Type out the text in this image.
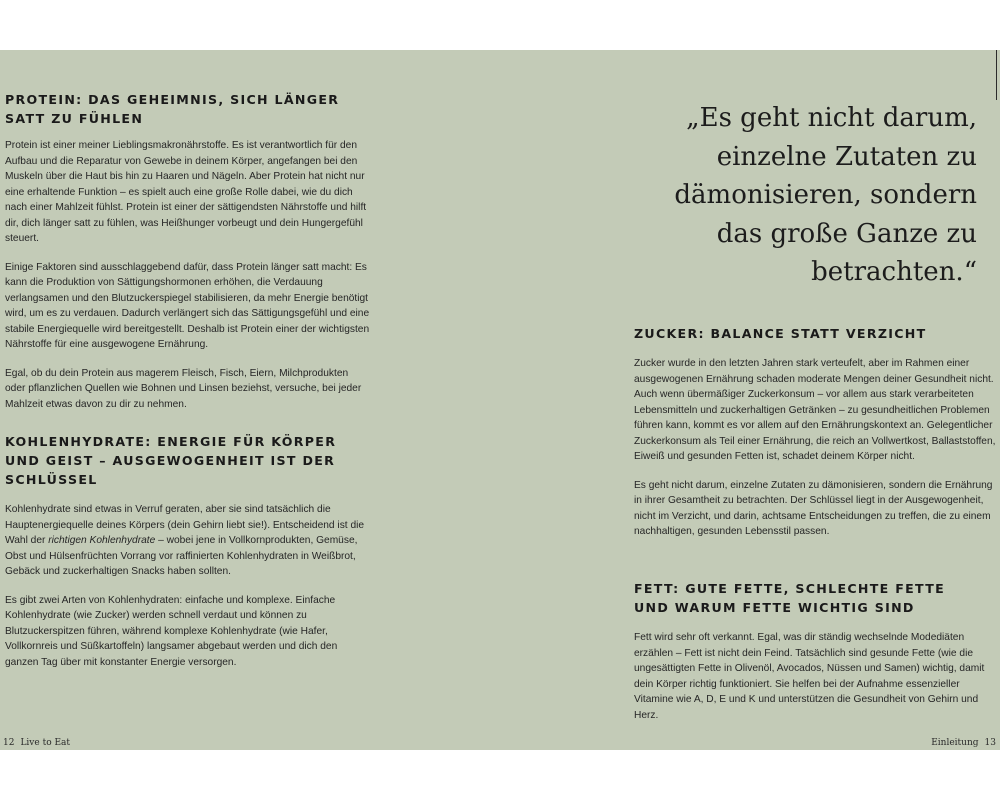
PROTEIN: DAS GEHEIMNIS, SICH LÄNGER SATT ZU FÜHLEN

Protein ist einer meiner Lieblingsmakronährstoffe. Es ist verantwortlich für den Aufbau und die Reparatur von Gewebe in deinem Körper, angefangen bei den Muskeln über die Haut bis hin zu Haaren und Nägeln. Aber Protein hat nicht nur eine erhaltende Funktion – es spielt auch eine große Rolle dabei, wie du dich nach einer Mahlzeit fühlst. Protein ist einer der sättigendsten Nährstoffe und hilft dir, dich länger satt zu fühlen, was Heißhunger vorbeugt und dein Hungergefühl steuert.

Einige Faktoren sind ausschlaggebend dafür, dass Protein länger satt macht: Es kann die Produktion von Sättigungshormonen erhöhen, die Verdauung verlangsamen und den Blutzuckerspiegel stabilisieren, da mehr Energie benötigt wird, um es zu verdauen. Dadurch verlängert sich das Sättigungsgefühl und eine stabile Energiequelle wird bereitgestellt. Deshalb ist Protein einer der wichtigsten Nährstoffe für eine ausgewogene Ernährung.

Egal, ob du dein Protein aus magerem Fleisch, Fisch, Eiern, Milchprodukten oder pflanzlichen Quellen wie Bohnen und Linsen beziehst, versuche, bei jeder Mahlzeit etwas davon zu dir zu nehmen.

KOHLENHYDRATE: ENERGIE FÜR KÖRPER UND GEIST – AUSGEWOGENHEIT IST DER SCHLÜSSEL

Kohlenhydrate sind etwas in Verruf geraten, aber sie sind tatsächlich die Hauptenergiequelle deines Körpers (dein Gehirn liebt sie!). Entscheidend ist die Wahl der richtigen Kohlenhydrate – wobei jene in Vollkornprodukten, Gemüse, Obst und Hülsenfrüchten Vorrang vor raffinierten Kohlenhydraten in Weißbrot, Gebäck und zuckerhaltigen Snacks haben sollten.

Es gibt zwei Arten von Kohlenhydraten: einfache und komplexe. Einfache Kohlenhydrate (wie Zucker) werden schnell verdaut und können zu Blutzuckerspitzen führen, während komplexe Kohlenhydrate (wie Hafer, Vollkornreis und Süßkartoffeln) langsamer abgebaut werden und dich den ganzen Tag über mit konstanter Energie versorgen.

12 Live to Eat
„Es geht nicht darum, einzelne Zutaten zu dämonisieren, sondern das große Ganze zu betrachten.“
ZUCKER: BALANCE STATT VERZICHT

Zucker wurde in den letzten Jahren stark verteufelt, aber im Rahmen einer ausgewogenen Ernährung schaden moderate Mengen deiner Gesundheit nicht. Auch wenn übermäßiger Zuckerkonsum – vor allem aus stark verarbeiteten Lebensmitteln und zuckerhaltigen Getränken – zu gesundheitlichen Problemen führen kann, kommt es vor allem auf den Ernährungskontext an. Gelegentlicher Zuckerkonsum als Teil einer Ernährung, die reich an Vollwertkost, Ballaststoffen, Eiweiß und gesunden Fetten ist, schadet deinem Körper nicht.

Es geht nicht darum, einzelne Zutaten zu dämonisieren, sondern die Ernährung in ihrer Gesamtheit zu betrachten. Der Schlüssel liegt in der Ausgewogenheit, nicht im Verzicht, und darin, achtsame Entscheidungen zu treffen, die zu einem nachhaltigen, gesunden Lebensstil passen.

FETT: GUTE FETTE, SCHLECHTE FETTE UND WARUM FETTE WICHTIG SIND

Fett wird sehr oft verkannt. Egal, was dir ständig wechselnde Modediäten erzählen – Fett ist nicht dein Feind. Tatsächlich sind gesunde Fette (wie die ungesättigten Fette in Olivenöl, Avocados, Nüssen und Samen) wichtig, damit dein Körper richtig funktioniert. Sie helfen bei der Aufnahme essenzieller Vitamine wie A, D, E und K und unterstützen die Gesundheit von Gehirn und Herz.

Einleitung 13
